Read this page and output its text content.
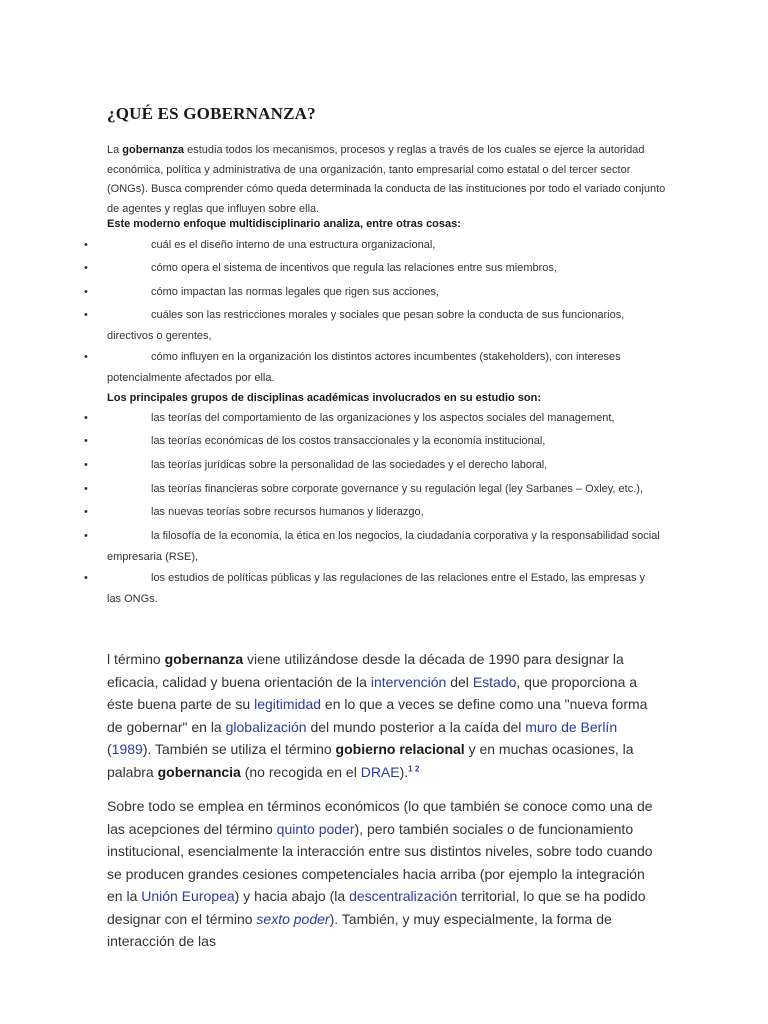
¿QUÉ ES GOBERNANZA?

La gobernanza estudia todos los mecanismos, procesos y reglas a través de los cuales se ejerce la autoridad económica, política y administrativa de una organización, tanto empresarial como estatal o del tercer sector (ONGs). Busca comprender cómo queda determinada la conducta de las instituciones por todo el variado conjunto de agentes y reglas que influyen sobre ella.

Este moderno enfoque multidisciplinario analiza, entre otras cosas:
•	cuál es el diseño interno de una estructura organizacional,
•	cómo opera el sistema de incentivos que regula las relaciones entre sus miembros,
•	cómo impactan las normas legales que rigen sus acciones,
•	cuáles son las restricciones morales y sociales que pesan sobre la conducta de sus funcionarios, directivos o gerentes,
•	cómo influyen en la organización los distintos actores incumbentes (stakeholders), con intereses potencialmente afectados por ella.
Los principales grupos de disciplinas académicas involucrados en su estudio son:
•	las teorías del comportamiento de las organizaciones y los aspectos sociales del management,
•	las teorías económicas de los costos transaccionales y la economía institucional,
•	las teorías jurídicas sobre la personalidad de las sociedades y el derecho laboral,
•	las teorías financieras sobre corporate governance y su regulación legal (ley Sarbanes – Oxley, etc.),
•	las nuevas teorías sobre recursos humanos y liderazgo,
•	la filosofía de la economía, la ética en los negocios, la ciudadanía corporativa y la responsabilidad social empresaria (RSE),
•	los estudios de políticas públicas y las regulaciones de las relaciones entre el Estado, las empresas y las ONGs.

l término gobernanza viene utilizándose desde la década de 1990 para designar la eficacia, calidad y buena orientación de la intervención del Estado, que proporciona a éste buena parte de su legitimidad en lo que a veces se define como una "nueva forma de gobernar" en la globalización del mundo posterior a la caída del muro de Berlín (1989). También se utiliza el término gobierno relacional y en muchas ocasiones, la palabra gobernancia (no recogida en el DRAE).$^{1 2}$

Sobre todo se emplea en términos económicos (lo que también se conoce como una de las acepciones del término quinto poder), pero también sociales o de funcionamiento institucional, esencialmente la interacción entre sus distintos niveles, sobre todo cuando se producen grandes cesiones competenciales hacia arriba (por ejemplo la integración en la Unión Europea) y hacia abajo (la descentralización territorial, lo que se ha podido designar con el término sexto poder). También, y muy especialmente, la forma de interacción de las
